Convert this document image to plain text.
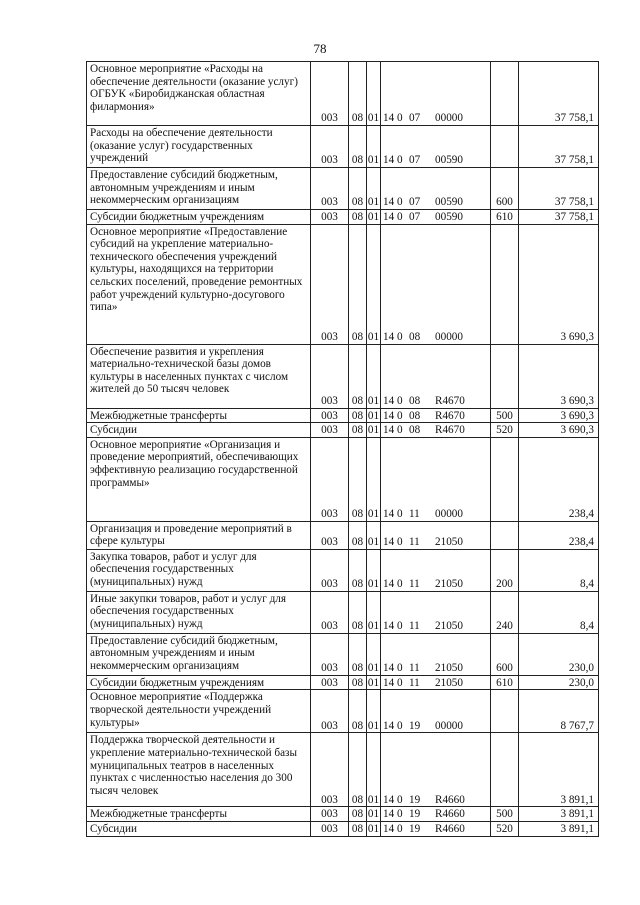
78
Основное мероприятие «Расходы на обеспечение деятельности (оказание услуг) ОГБУК «Биробиджанская областная филармония»	003	08	01	14 0 07 00000		37 758,1
Расходы на обеспечение деятельности (оказание услуг) государственных учреждений	003	08	01	14 0 07 00590		37 758,1
Предоставление субсидий бюджетным, автономным учреждениям и иным некоммерческим организациям	003	08	01	14 0 07 00590	600	37 758,1
Субсидии бюджетным учреждениям	003	08	01	14 0 07 00590	610	37 758,1
Основное мероприятие «Предоставление субсидий на укрепление материально-технического обеспечения учреждений культуры, находящихся на территории сельских поселений, проведение ремонтных работ учреждений культурно-досугового типа»	003	08	01	14 0 08 00000		3 690,3
Обеспечение развития и укрепления материально-технической базы домов культуры в населенных пунктах с числом жителей до 50 тысяч человек	003	08	01	14 0 08 R4670		3 690,3
Межбюджетные трансферты	003	08	01	14 0 08 R4670	500	3 690,3
Субсидии	003	08	01	14 0 08 R4670	520	3 690,3
Основное мероприятие «Организация и проведение мероприятий, обеспечивающих эффективную реализацию государственной программы»	003	08	01	14 0 11 00000		238,4
Организация и проведение мероприятий в сфере культуры	003	08	01	14 0 11 21050		238,4
Закупка товаров, работ и услуг для обеспечения государственных (муниципальных) нужд	003	08	01	14 0 11 21050	200	8,4
Иные закупки товаров, работ и услуг для обеспечения государственных (муниципальных) нужд	003	08	01	14 0 11 21050	240	8,4
Предоставление субсидий бюджетным, автономным учреждениям и иным некоммерческим организациям	003	08	01	14 0 11 21050	600	230,0
Субсидии бюджетным учреждениям	003	08	01	14 0 11 21050	610	230,0
Основное мероприятие «Поддержка творческой деятельности учреждений культуры»	003	08	01	14 0 19 00000		8 767,7
Поддержка творческой деятельности и укрепление материально-технической базы муниципальных театров в населенных пунктах с численностью населения до 300 тысяч человек	003	08	01	14 0 19 R4660		3 891,1
Межбюджетные трансферты	003	08	01	14 0 19 R4660	500	3 891,1
Субсидии	003	08	01	14 0 19 R4660	520	3 891,1
